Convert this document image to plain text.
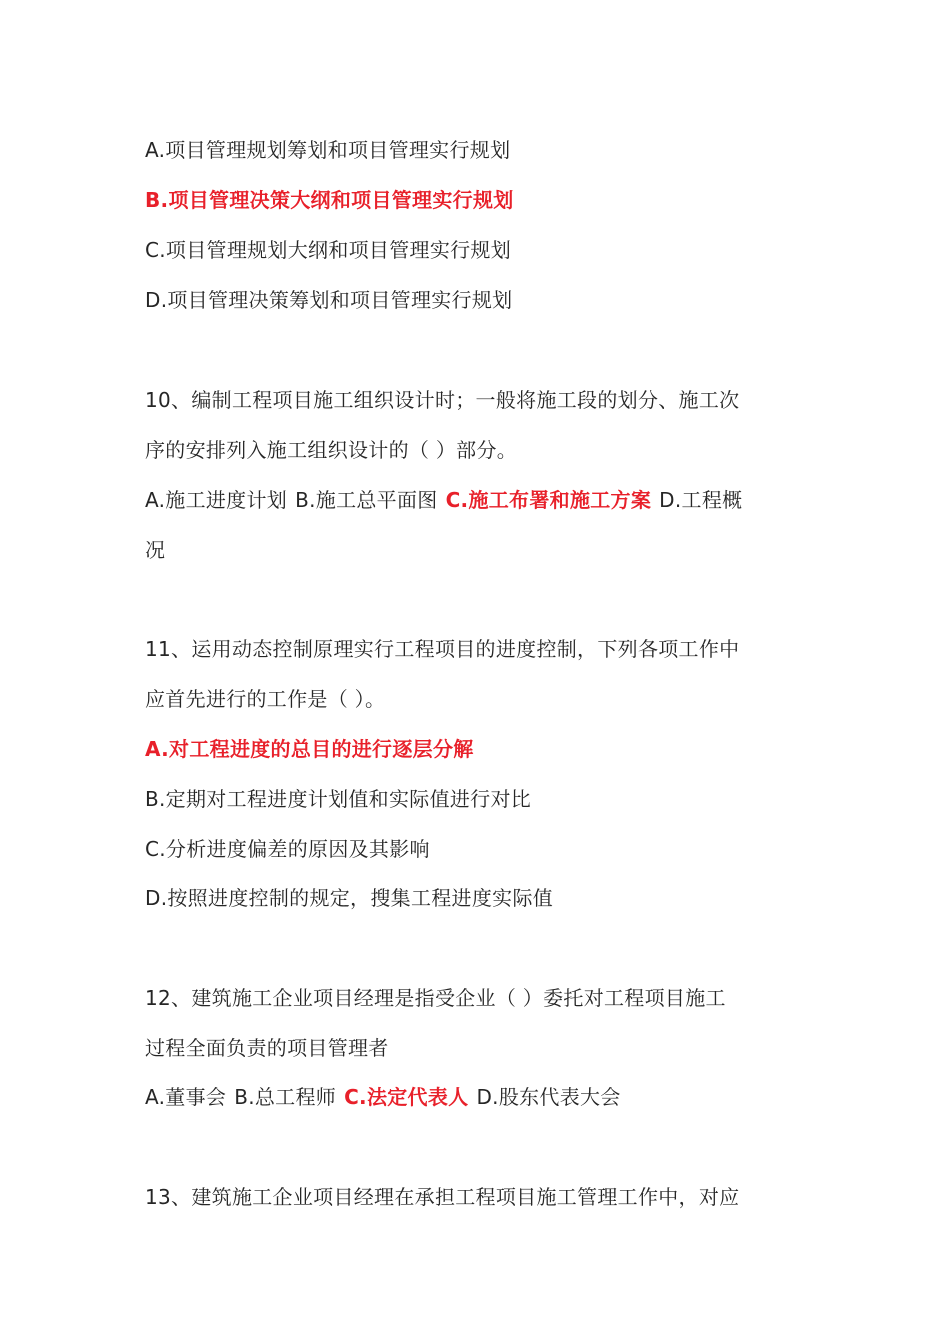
A.项目管理规划筹划和项目管理实行规划
B.项目管理决策大纲和项目管理实行规划
C.项目管理规划大纲和项目管理实行规划
D.项目管理决策筹划和项目管理实行规划
10、编制工程项目施工组织设计时；一般将施工段的划分、施工次
序的安排列入施工组织设计的（ ）部分。
A.施工进度计划 B.施工总平面图 C.施工布署和施工方案 D.工程概
况
11、运用动态控制原理实行工程项目的进度控制，下列各项工作中
应首先进行的工作是（ ）。
A.对工程进度的总目的进行逐层分解
B.定期对工程进度计划值和实际值进行对比
C.分析进度偏差的原因及其影响
D.按照进度控制的规定，搜集工程进度实际值
12、建筑施工企业项目经理是指受企业（ ）委托对工程项目施工
过程全面负责的项目管理者
A.董事会 B.总工程师 C.法定代表人 D.股东代表大会
13、建筑施工企业项目经理在承担工程项目施工管理工作中，对应
